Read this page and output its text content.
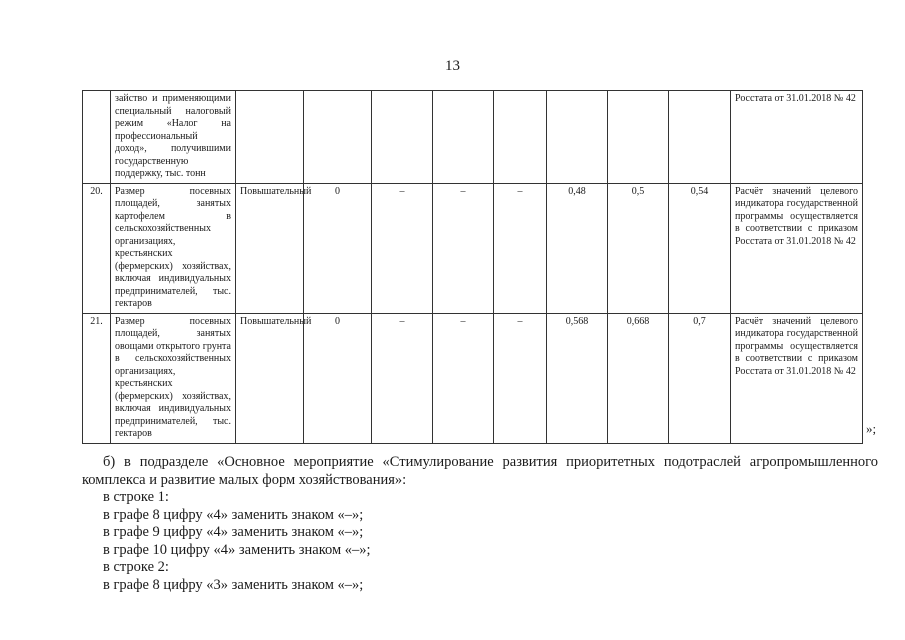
13
	зайство и применяющими специальный налоговый режим «Налог на профессиональный доход», получившими государственную поддержку, тыс. тонн									Росстата от 31.01.2018 № 42
20.	Размер посевных площадей, занятых картофелем в сельскохозяйственных организациях, крестьянских (фермерских) хозяйствах, включая индивидуальных предпринимателей, тыс. гектаров	Повышательный	0	–	–	–	0,48	0,5	0,54	Расчёт значений целевого индикатора государственной программы осуществляется в соответствии с приказом Росстата от 31.01.2018 № 42
21.	Размер посевных площадей, занятых овощами открытого грунта в сельскохозяйственных организациях, крестьянских (фермерских) хозяйствах, включая индивидуальных предпринимателей, тыс. гектаров	Повышательный	0	–	–	–	0,568	0,668	0,7	Расчёт значений целевого индикатора государственной программы осуществляется в соответствии с приказом Росстата от 31.01.2018 № 42
»;

б) в подразделе «Основное мероприятие «Стимулирование развития приоритетных подотраслей агропромышленного комплекса и развитие малых форм хозяйствования»:

в строке 1:

в графе 8 цифру «4» заменить знаком «–»;

в графе 9 цифру «4» заменить знаком «–»;

в графе 10 цифру «4» заменить знаком «–»;

в строке 2:

в графе 8 цифру «3» заменить знаком «–»;
